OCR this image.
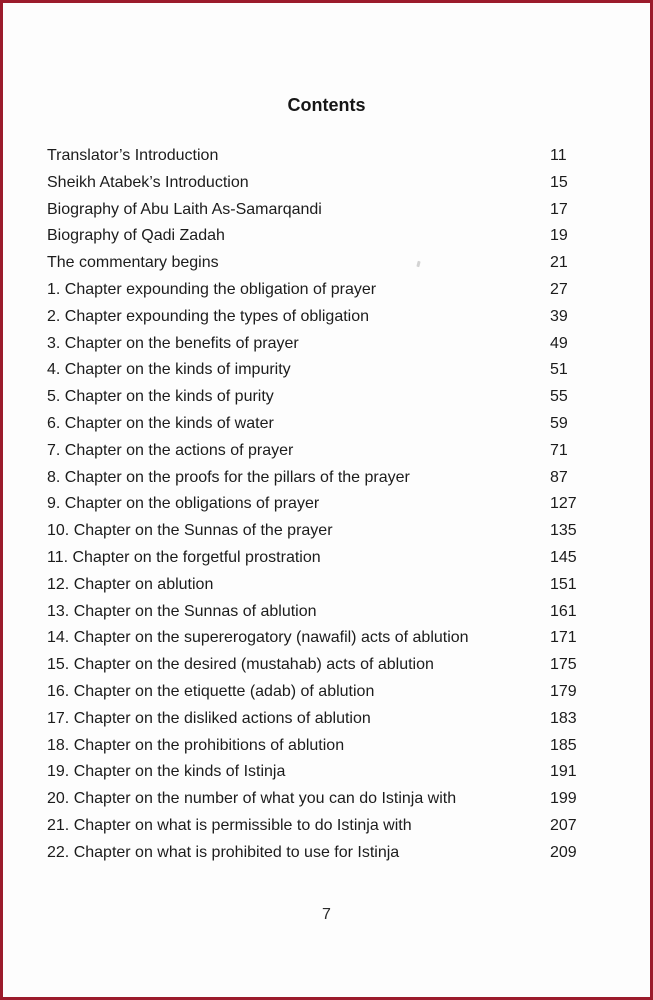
Contents
Translator’s Introduction	11
Sheikh Atabek’s Introduction	15
Biography of Abu Laith As-Samarqandi	17
Biography of Qadi Zadah	19
The commentary begins	21
1. Chapter expounding the obligation of prayer	27
2. Chapter expounding the types of obligation	39
3. Chapter on the benefits of prayer	49
4. Chapter on the kinds of impurity	51
5. Chapter on the kinds of purity	55
6. Chapter on the kinds of water	59
7. Chapter on the actions of prayer	71
8. Chapter on the proofs for the pillars of the prayer	87
9. Chapter on the obligations of prayer	127
10. Chapter on the Sunnas of the prayer	135
11. Chapter on the forgetful prostration	145
12. Chapter on ablution	151
13. Chapter on the Sunnas of ablution	161
14. Chapter on the supererogatory (nawafil) acts of ablution	171
15. Chapter on the desired (mustahab) acts of ablution	175
16. Chapter on the etiquette (adab) of ablution	179
17. Chapter on the disliked actions of ablution	183
18. Chapter on the prohibitions of ablution	185
19. Chapter on the kinds of Istinja	191
20. Chapter on the number of what you can do Istinja with	199
21. Chapter on what is permissible to do Istinja with	207
22. Chapter on what is prohibited to use for Istinja	209
7
